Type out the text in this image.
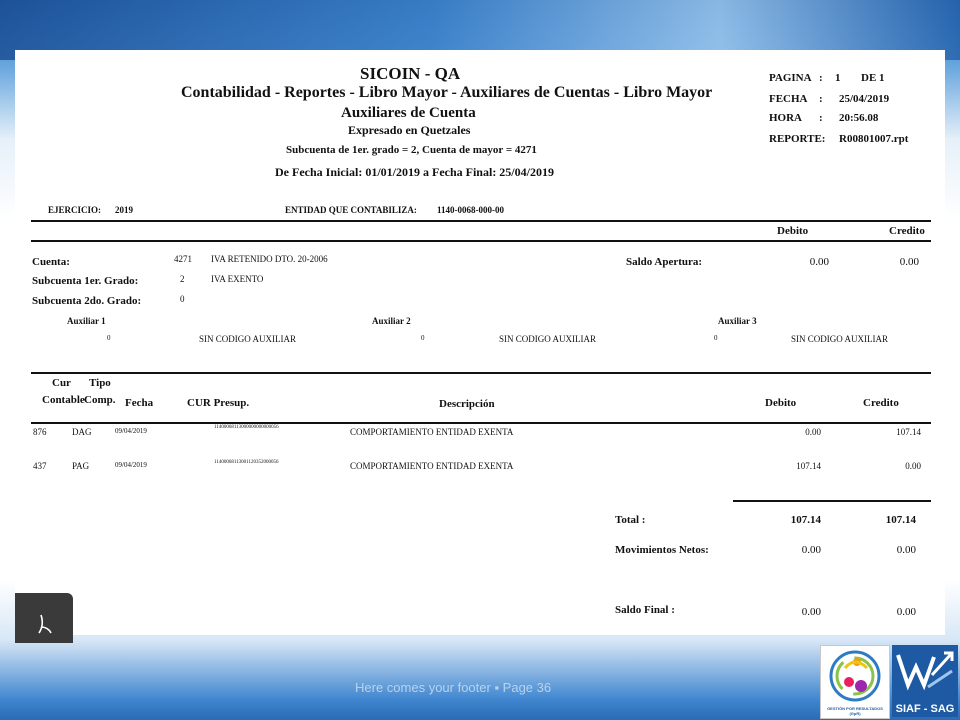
SICOIN - QA
Contabilidad - Reportes - Libro Mayor - Auxiliares de Cuentas - Libro Mayor
Auxiliares de Cuenta
Expresado en Quetzales
Subcuenta de 1er. grado = 2, Cuenta de mayor = 4271
De Fecha Inicial: 01/01/2019 a Fecha Final: 25/04/2019
PAGINA : 1 DE 1
FECHA : 25/04/2019
HORA : 20:56.08
REPORTE: R00801007.rpt
EJERCICIO: 2019	ENTIDAD QUE CONTABILIZA: 1140-0068-000-00
Debito	Credito
Cuenta:	4271 IVA RETENIDO DTO. 20-2006	Saldo Apertura:	0.00	0.00
Subcuenta 1er. Grado:	2	IVA EXENTO
Subcuenta 2do. Grado:	0
Auxiliar 1
0	SIN CODIGO AUXILIAR
Auxiliar 2
0	SIN CODIGO AUXILIAR
Auxiliar 3
0	SIN CODIGO AUXILIAR
Cur
Contable
Tipo
Comp. Fecha	CUR Presup.	Descripción	Debito	Credito
876	DAG	09/04/2019	11400068113000000000000056	COMPORTAMIENTO ENTIDAD EXENTA	0.00	107.14
437	PAG	09/04/2019	11400068113001120352000056	COMPORTAMIENTO ENTIDAD EXENTA	107.14	0.00
Total :	107.14	107.14
Movimientos Netos:	0.00	0.00
Saldo Final :	0.00	0.00
Here comes your footer ▪ Page 36
GESTIÓN POR RESULTADOS (GpR)	SIAF - SAG
